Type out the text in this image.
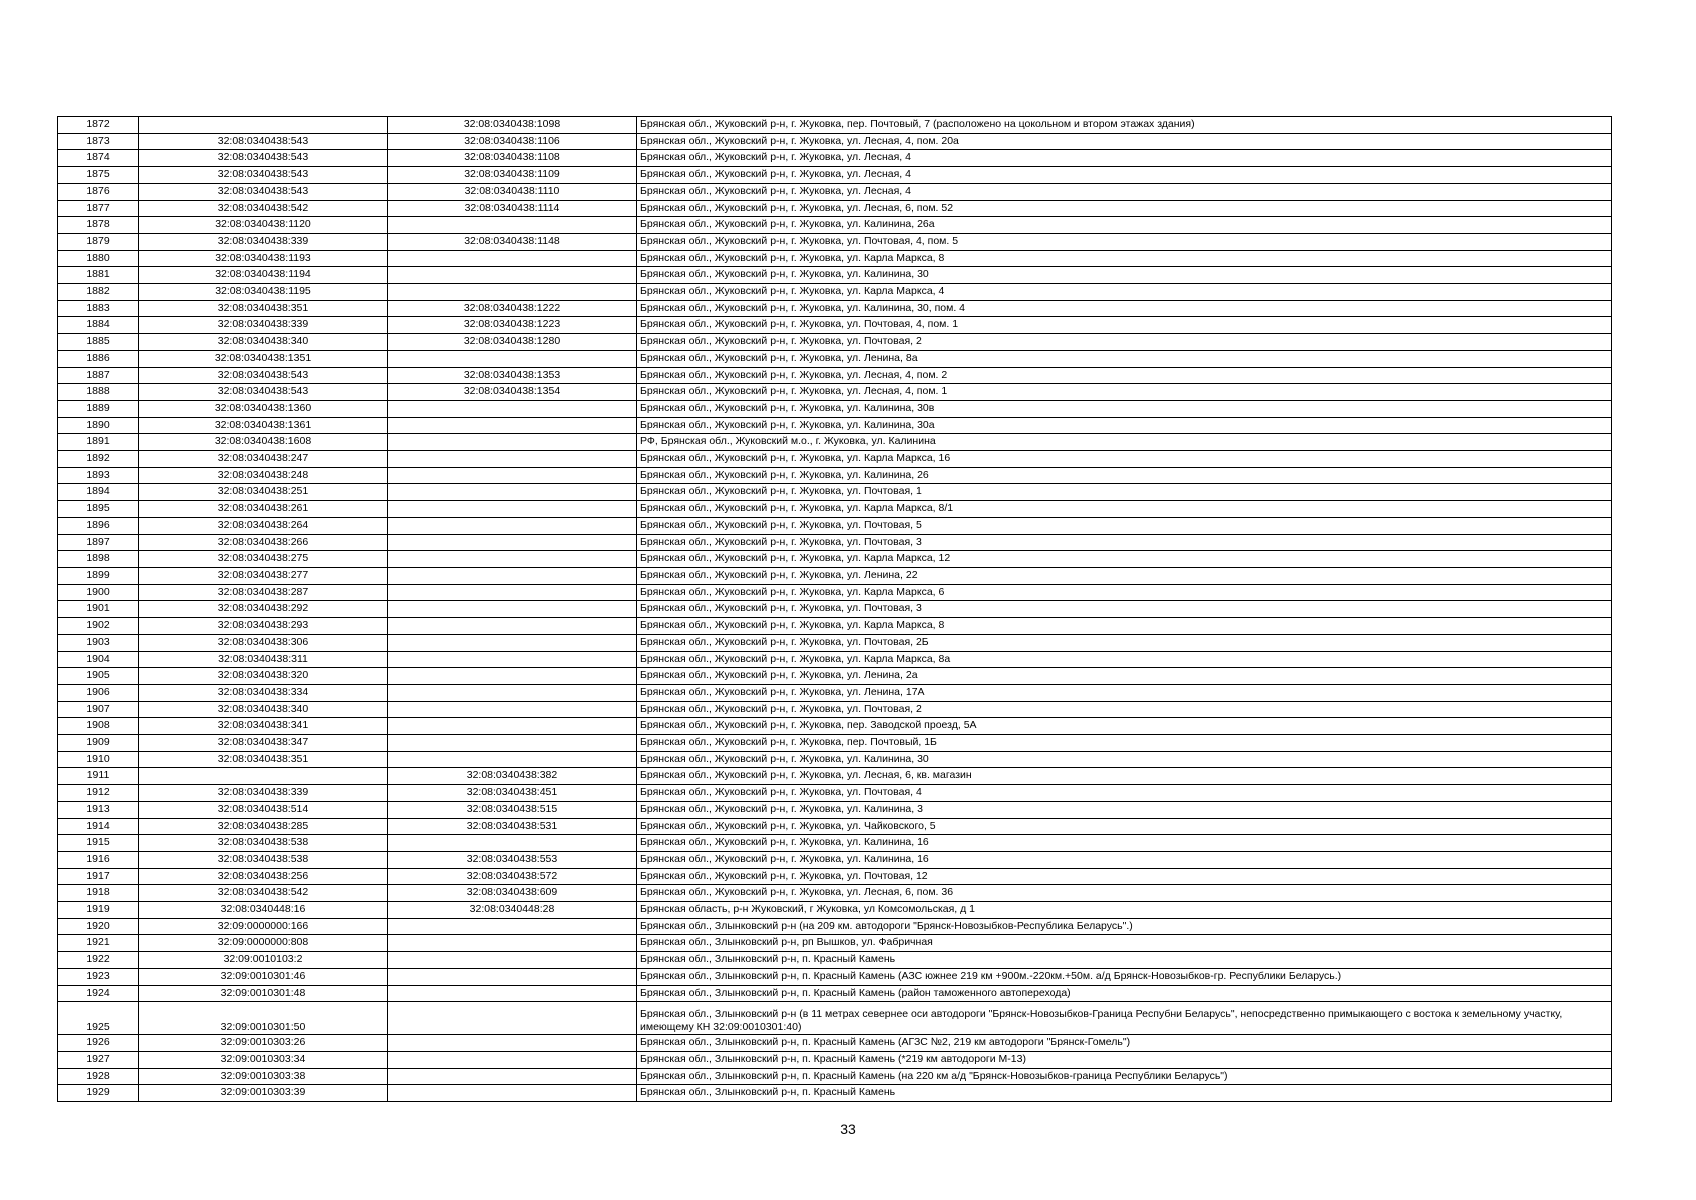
1872		32:08:0340438:1098	Брянская обл., Жуковский р-н, г. Жуковка, пер. Почтовый, 7 (расположено на цокольном и втором этажах здания)
1873	32:08:0340438:543	32:08:0340438:1106	Брянская обл., Жуковский р-н, г. Жуковка, ул. Лесная, 4, пом. 20а
1874	32:08:0340438:543	32:08:0340438:1108	Брянская обл., Жуковский р-н, г. Жуковка, ул. Лесная, 4
1875	32:08:0340438:543	32:08:0340438:1109	Брянская обл., Жуковский р-н, г. Жуковка, ул. Лесная, 4
1876	32:08:0340438:543	32:08:0340438:1110	Брянская обл., Жуковский р-н, г. Жуковка, ул. Лесная, 4
1877	32:08:0340438:542	32:08:0340438:1114	Брянская обл., Жуковский р-н, г. Жуковка, ул. Лесная, 6, пом. 52
1878	32:08:0340438:1120		Брянская обл., Жуковский р-н, г. Жуковка, ул. Калинина, 26а
1879	32:08:0340438:339	32:08:0340438:1148	Брянская обл., Жуковский р-н, г. Жуковка, ул. Почтовая, 4, пом. 5
1880	32:08:0340438:1193		Брянская обл., Жуковский р-н, г. Жуковка, ул. Карла Маркса, 8
1881	32:08:0340438:1194		Брянская обл., Жуковский р-н, г. Жуковка, ул. Калинина, 30
1882	32:08:0340438:1195		Брянская обл., Жуковский р-н, г. Жуковка, ул. Карла Маркса, 4
1883	32:08:0340438:351	32:08:0340438:1222	Брянская обл., Жуковский р-н, г. Жуковка, ул. Калинина, 30, пом. 4
1884	32:08:0340438:339	32:08:0340438:1223	Брянская обл., Жуковский р-н, г. Жуковка, ул. Почтовая, 4, пом. 1
1885	32:08:0340438:340	32:08:0340438:1280	Брянская обл., Жуковский р-н, г. Жуковка, ул. Почтовая, 2
1886	32:08:0340438:1351		Брянская обл., Жуковский р-н, г. Жуковка, ул. Ленина, 8а
1887	32:08:0340438:543	32:08:0340438:1353	Брянская обл., Жуковский р-н, г. Жуковка, ул. Лесная, 4, пом. 2
1888	32:08:0340438:543	32:08:0340438:1354	Брянская обл., Жуковский р-н, г. Жуковка, ул. Лесная, 4, пом. 1
1889	32:08:0340438:1360		Брянская обл., Жуковский р-н, г. Жуковка, ул. Калинина, 30в
1890	32:08:0340438:1361		Брянская обл., Жуковский р-н, г. Жуковка, ул. Калинина, 30а
1891	32:08:0340438:1608		РФ, Брянская обл., Жуковский м.о., г. Жуковка, ул. Калинина
1892	32:08:0340438:247		Брянская обл., Жуковский р-н, г. Жуковка, ул. Карла Маркса, 16
1893	32:08:0340438:248		Брянская обл., Жуковский р-н, г. Жуковка, ул. Калинина, 26
1894	32:08:0340438:251		Брянская обл., Жуковский р-н, г. Жуковка, ул. Почтовая, 1
1895	32:08:0340438:261		Брянская обл., Жуковский р-н, г. Жуковка, ул. Карла Маркса, 8/1
1896	32:08:0340438:264		Брянская обл., Жуковский р-н, г. Жуковка, ул. Почтовая, 5
1897	32:08:0340438:266		Брянская обл., Жуковский р-н, г. Жуковка, ул. Почтовая, 3
1898	32:08:0340438:275		Брянская обл., Жуковский р-н, г. Жуковка, ул. Карла Маркса, 12
1899	32:08:0340438:277		Брянская обл., Жуковский р-н, г. Жуковка, ул. Ленина, 22
1900	32:08:0340438:287		Брянская обл., Жуковский р-н, г. Жуковка, ул. Карла Маркса, 6
1901	32:08:0340438:292		Брянская обл., Жуковский р-н, г. Жуковка, ул. Почтовая, 3
1902	32:08:0340438:293		Брянская обл., Жуковский р-н, г. Жуковка, ул. Карла Маркса, 8
1903	32:08:0340438:306		Брянская обл., Жуковский р-н, г. Жуковка, ул. Почтовая, 2Б
1904	32:08:0340438:311		Брянская обл., Жуковский р-н, г. Жуковка, ул. Карла Маркса, 8а
1905	32:08:0340438:320		Брянская обл., Жуковский р-н, г. Жуковка, ул. Ленина, 2а
1906	32:08:0340438:334		Брянская обл., Жуковский р-н, г. Жуковка, ул. Ленина, 17А
1907	32:08:0340438:340		Брянская обл., Жуковский р-н, г. Жуковка, ул. Почтовая, 2
1908	32:08:0340438:341		Брянская обл., Жуковский р-н, г. Жуковка, пер. Заводской проезд, 5А
1909	32:08:0340438:347		Брянская обл., Жуковский р-н, г. Жуковка, пер. Почтовый, 1Б
1910	32:08:0340438:351		Брянская обл., Жуковский р-н, г. Жуковка, ул. Калинина, 30
1911		32:08:0340438:382	Брянская обл., Жуковский р-н, г. Жуковка, ул. Лесная, 6, кв. магазин
1912	32:08:0340438:339	32:08:0340438:451	Брянская обл., Жуковский р-н, г. Жуковка, ул. Почтовая, 4
1913	32:08:0340438:514	32:08:0340438:515	Брянская обл., Жуковский р-н, г. Жуковка, ул. Калинина, 3
1914	32:08:0340438:285	32:08:0340438:531	Брянская обл., Жуковский р-н, г. Жуковка, ул. Чайковского, 5
1915	32:08:0340438:538		Брянская обл., Жуковский р-н, г. Жуковка, ул. Калинина, 16
1916	32:08:0340438:538	32:08:0340438:553	Брянская обл., Жуковский р-н, г. Жуковка, ул. Калинина, 16
1917	32:08:0340438:256	32:08:0340438:572	Брянская обл., Жуковский р-н, г. Жуковка, ул. Почтовая, 12
1918	32:08:0340438:542	32:08:0340438:609	Брянская обл., Жуковский р-н, г. Жуковка, ул. Лесная, 6, пом. 36
1919	32:08:0340448:16	32:08:0340448:28	Брянская область, р-н Жуковский, г Жуковка, ул Комсомольская, д 1
1920	32:09:0000000:166		Брянская обл., Злынковский р-н (на 209 км. автодороги "Брянск-Новозыбков-Республика Беларусь".)
1921	32:09:0000000:808		Брянская обл., Злынковский р-н, рп Вышков, ул. Фабричная
1922	32:09:0010103:2		Брянская обл., Злынковский р-н, п. Красный Камень
1923	32:09:0010301:46		Брянская обл., Злынковский р-н, п. Красный Камень (АЗС южнее 219 км +900м.-220км.+50м. а/д Брянск-Новозыбков-гр. Республики Беларусь.)
1924	32:09:0010301:48		Брянская обл., Злынковский р-н, п. Красный Камень (район таможенного автоперехода)
1925	32:09:0010301:50		Брянская обл., Злынковский р-н (в 11 метрах севернее оси автодороги "Брянск-Новозыбков-Граница Респубни Беларусь", непосредственно примыкающего с востока к земельному участку, имеющему КН 32:09:0010301:40)
1926	32:09:0010303:26		Брянская обл., Злынковский р-н, п. Красный Камень (АГЗС №2, 219 км автодороги "Брянск-Гомель")
1927	32:09:0010303:34		Брянская обл., Злынковский р-н, п. Красный Камень (*219 км автодороги М-13)
1928	32:09:0010303:38		Брянская обл., Злынковский р-н, п. Красный Камень (на 220 км а/д "Брянск-Новозыбков-граница Республики Беларусь")
1929	32:09:0010303:39		Брянская обл., Злынковский р-н, п. Красный Камень
33
